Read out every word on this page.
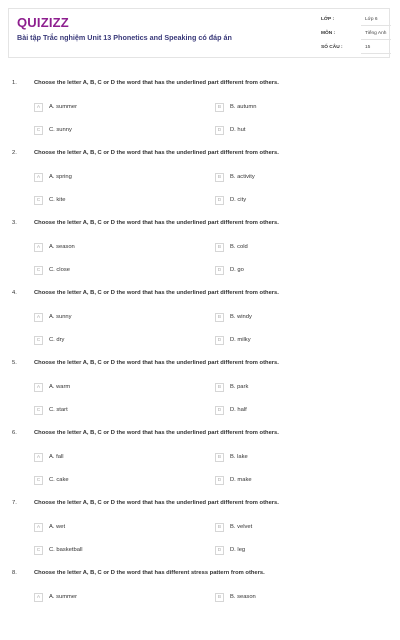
QUIZIZZ
Bài tập Trắc nghiệm Unit 13 Phonetics and Speaking có đáp án
LỚP :	Lớp 6
MÔN :	Tiếng Anh
SỐ CÂU :	15
1.	Choose the letter A, B, C or D the word that has the underlined part different from others.
A	A. summer	B	B. autumn
C	C. sunny	D	D. hut
2.	Choose the letter A, B, C or D the word that has the underlined part different from others.
A	A. spring	B	B. activity
C	C. kite	D	D. city
3.	Choose the letter A, B, C or D the word that has the underlined part different from others.
A	A. season	B	B. cold
C	C. close	D	D. go
4.	Choose the letter A, B, C or D the word that has the underlined part different from others.
A	A. sunny	B	B. windy
C	C. dry	D	D. milky
5.	Choose the letter A, B, C or D the word that has the underlined part different from others.
A	A. warm	B	B. park
C	C. start	D	D. half
6.	Choose the letter A, B, C or D the word that has the underlined part different from others.
A	A. fall	B	B. lake
C	C. cake	D	D. make
7.	Choose the letter A, B, C or D the word that has the underlined part different from others.
A	A. wet	B	B. velvet
C	C. basketball	D	D. leg
8.	Choose the letter A, B, C or D the word that has different stress pattern from others.
A	A. summer	B	B. season
